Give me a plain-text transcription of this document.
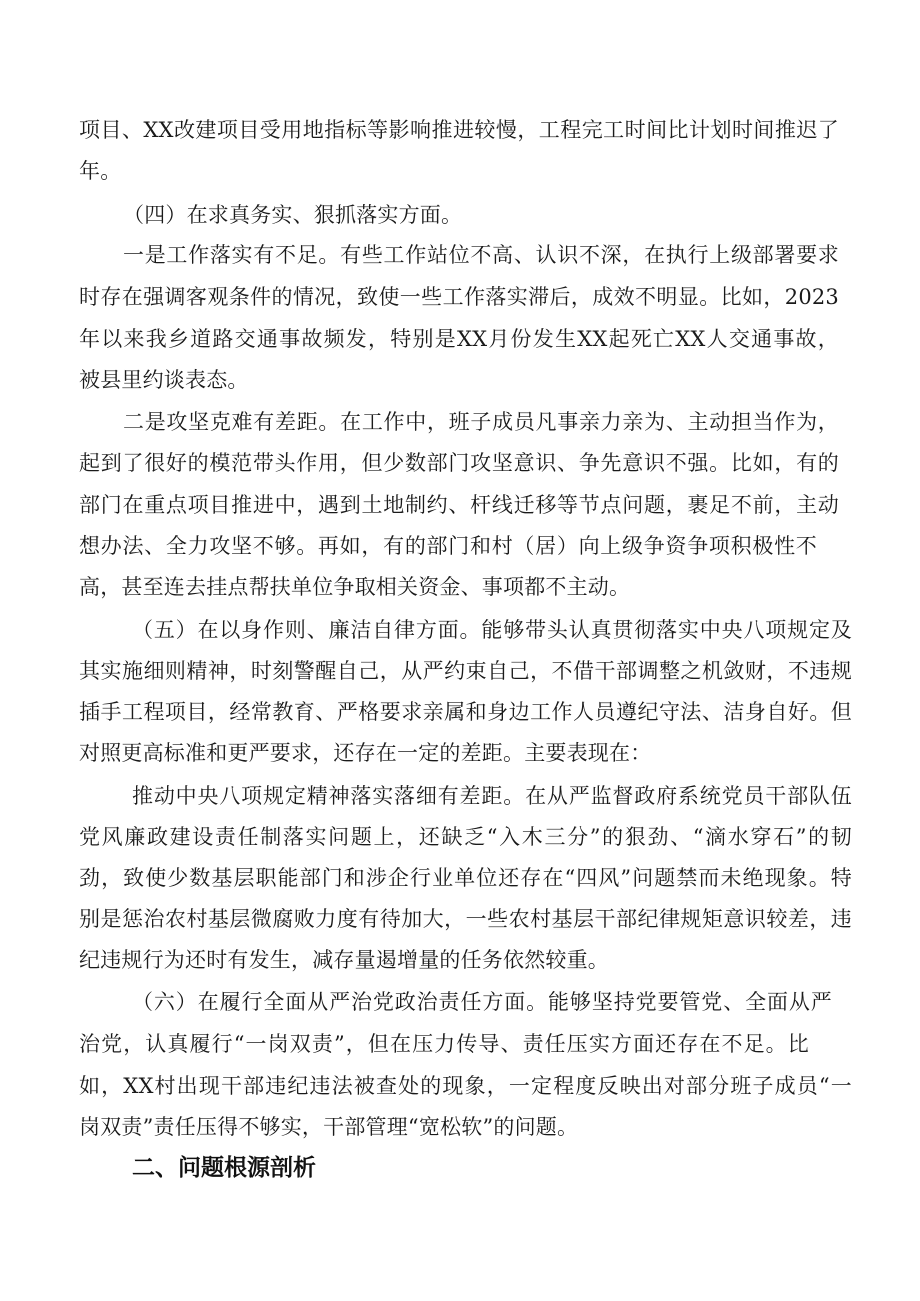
项目、XX改建项目受用地指标等影响推进较慢，工程完工时间比计划时间推迟了
年。
（四）在求真务实、狠抓落实方面。
一是工作落实有不足。有些工作站位不高、认识不深，在执行上级部署要求
时存在强调客观条件的情况，致使一些工作落实滞后，成效不明显。比如，2023
年以来我乡道路交通事故频发，特别是XX月份发生XX起死亡XX人交通事故，
被县里约谈表态。
二是攻坚克难有差距。在工作中，班子成员凡事亲力亲为、主动担当作为，
起到了很好的模范带头作用，但少数部门攻坚意识、争先意识不强。比如，有的
部门在重点项目推进中，遇到土地制约、杆线迁移等节点问题，裹足不前，主动
想办法、全力攻坚不够。再如，有的部门和村（居）向上级争资争项积极性不
高，甚至连去挂点帮扶单位争取相关资金、事项都不主动。
（五）在以身作则、廉洁自律方面。能够带头认真贯彻落实中央八项规定及
其实施细则精神，时刻警醒自己，从严约束自己，不借干部调整之机敛财，不违规
插手工程项目，经常教育、严格要求亲属和身边工作人员遵纪守法、洁身自好。但
对照更高标准和更严要求，还存在一定的差距。主要表现在：
推动中央八项规定精神落实落细有差距。在从严监督政府系统党员干部队伍
党风廉政建设责任制落实问题上，还缺乏“入木三分”的狠劲、“滴水穿石”的韧
劲，致使少数基层职能部门和涉企行业单位还存在“四风”问题禁而未绝现象。特
别是惩治农村基层微腐败力度有待加大，一些农村基层干部纪律规矩意识较差，违
纪违规行为还时有发生，减存量遏增量的任务依然较重。
（六）在履行全面从严治党政治责任方面。能够坚持党要管党、全面从严
治党，认真履行“一岗双责”，但在压力传导、责任压实方面还存在不足。比
如，XX村出现干部违纪违法被查处的现象，一定程度反映出对部分班子成员“一
岗双责”责任压得不够实，干部管理“宽松软”的问题。
二、问题根源剖析
